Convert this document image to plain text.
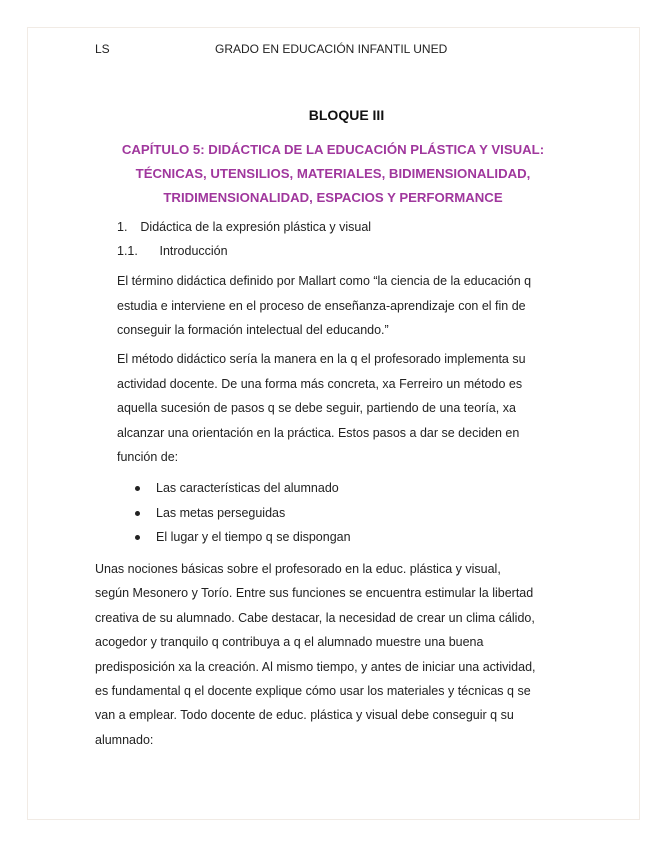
LS	GRADO EN EDUCACIÓN INFANTIL UNED
BLOQUE III
CAPÍTULO 5: DIDÁCTICA DE LA EDUCACIÓN PLÁSTICA Y VISUAL:
TÉCNICAS, UTENSILIOS, MATERIALES, BIDIMENSIONALIDAD,
TRIDIMENSIONALIDAD, ESPACIOS Y PERFORMANCE
1. Didáctica de la expresión plástica y visual
1.1. Introducción
El término didáctica definido por Mallart como “la ciencia de la educación q
estudia e interviene en el proceso de enseñanza-aprendizaje con el fin de
conseguir la formación intelectual del educando.”
El método didáctico sería la manera en la q el profesorado implementa su
actividad docente. De una forma más concreta, xa Ferreiro un método es
aquella sucesión de pasos q se debe seguir, partiendo de una teoría, xa
alcanzar una orientación en la práctica. Estos pasos a dar se deciden en
función de:
Las características del alumnado
Las metas perseguidas
El lugar y el tiempo q se dispongan
Unas nociones básicas sobre el profesorado en la educ. plástica y visual,
según Mesonero y Torío. Entre sus funciones se encuentra estimular la libertad
creativa de su alumnado. Cabe destacar, la necesidad de crear un clima cálido,
acogedor y tranquilo q contribuya a q el alumnado muestre una buena
predisposición xa la creación. Al mismo tiempo, y antes de iniciar una actividad,
es fundamental q el docente explique cómo usar los materiales y técnicas q se
van a emplear. Todo docente de educ. plástica y visual debe conseguir q su
alumnado:
